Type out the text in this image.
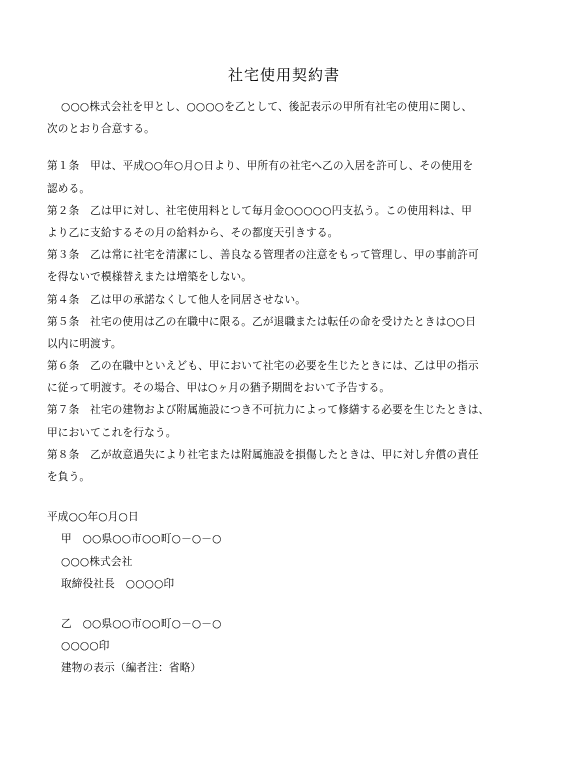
社宅使用契約書
○○○株式会社を甲とし、○○○○を乙として、後記表示の甲所有社宅の使用に関し、
次のとおり合意する。
第１条　甲は、平成○○年○月○日より、甲所有の社宅へ乙の入居を許可し、その使用を
認める。
第２条　乙は甲に対し、社宅使用料として毎月金○○○○○円支払う。この使用料は、甲
より乙に支給するその月の給料から、その都度天引きする。
第３条　乙は常に社宅を清潔にし、善良なる管理者の注意をもって管理し、甲の事前許可
を得ないで模様替えまたは増築をしない。
第４条　乙は甲の承諾なくして他人を同居させない。
第５条　社宅の使用は乙の在職中に限る。乙が退職または転任の命を受けたときは○○日
以内に明渡す。
第６条　乙の在職中といえども、甲において社宅の必要を生じたときには、乙は甲の指示
に従って明渡す。その場合、甲は○ヶ月の猶予期間をおいて予告する。
第７条　社宅の建物および附属施設につき不可抗力によって修繕する必要を生じたときは、
甲においてこれを行なう。
第８条　乙が故意過失により社宅または附属施設を損傷したときは、甲に対し弁償の責任
を負う。
平成○○年○月○日
甲　○○県○○市○○町○－○－○
○○○株式会社
取締役社長　○○○○印
乙　○○県○○市○○町○－○－○
○○○○印
建物の表示（編者注：省略）
